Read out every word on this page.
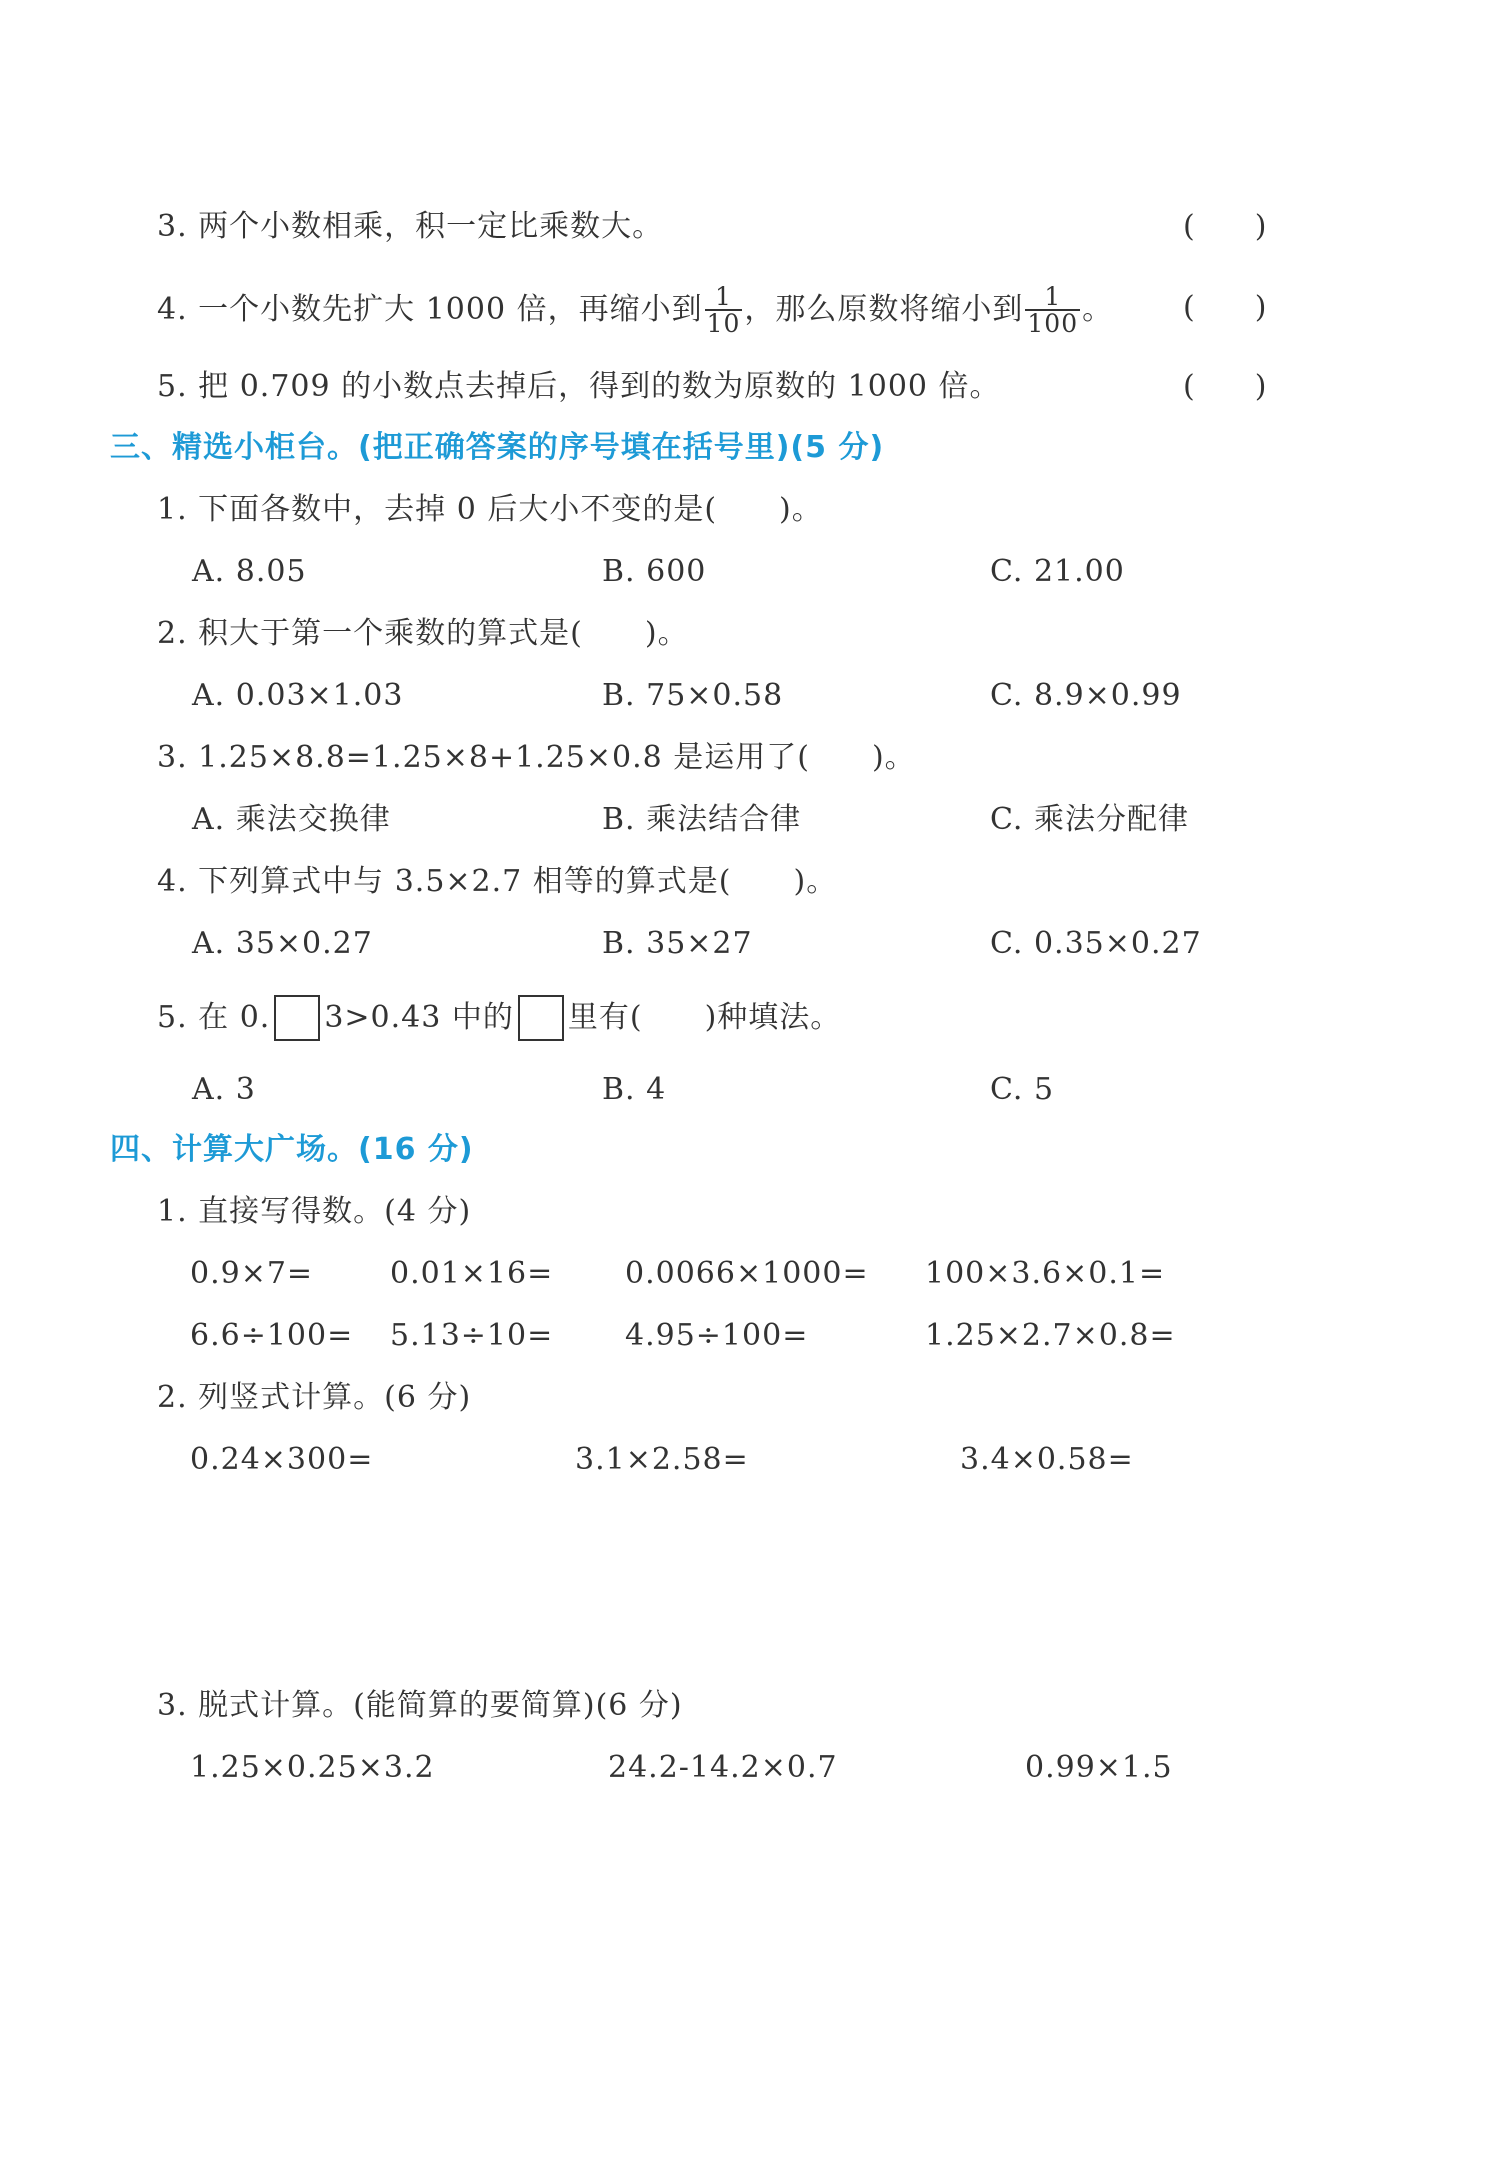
3. 两个小数相乘，积一定比乘数大。	(　　)
4. 一个小数先扩大 1000 倍，再缩小到 $\frac{1}{10}$ ，那么原数将缩小到 $\frac{1}{100}$ 。 (　　)
5. 把 0.709 的小数点去掉后，得到的数为原数的 1000 倍。	(　　)
三、精选小柜台。(把正确答案的序号填在括号里)(5 分)
1. 下面各数中，去掉 0 后大小不变的是(　　)。
A. 8.05	B. 600	C. 21.00
2. 积大于第一个乘数的算式是(　　)。
A. 0.03×1.03	B. 75×0.58	C. 8.9×0.99
3. 1.25×8.8=1.25×8+1.25×0.8 是运用了(　　)。
A. 乘法交换律	B. 乘法结合律	C. 乘法分配律
4. 下列算式中与 3.5×2.7 相等的算式是(　　)。
A. 35×0.27	B. 35×27	C. 0.35×0.27
5. 在 0. 3>0.43 中的 里有(　　)种填法。
A. 3	B. 4	C. 5
四、计算大广场。(16 分)
1. 直接写得数。(4 分)
0.9×7=	0.01×16= 0.0066×1000= 100×3.6×0.1=
6.6÷100= 5.13÷10= 4.95÷100=	1.25×2.7×0.8=
2. 列竖式计算。(6 分)
0.24×300=	3.1×2.58=	3.4×0.58=
3. 脱式计算。(能简算的要简算)(6 分)
1.25×0.25×3.2	24.2-14.2×0.7	0.99×1.5
